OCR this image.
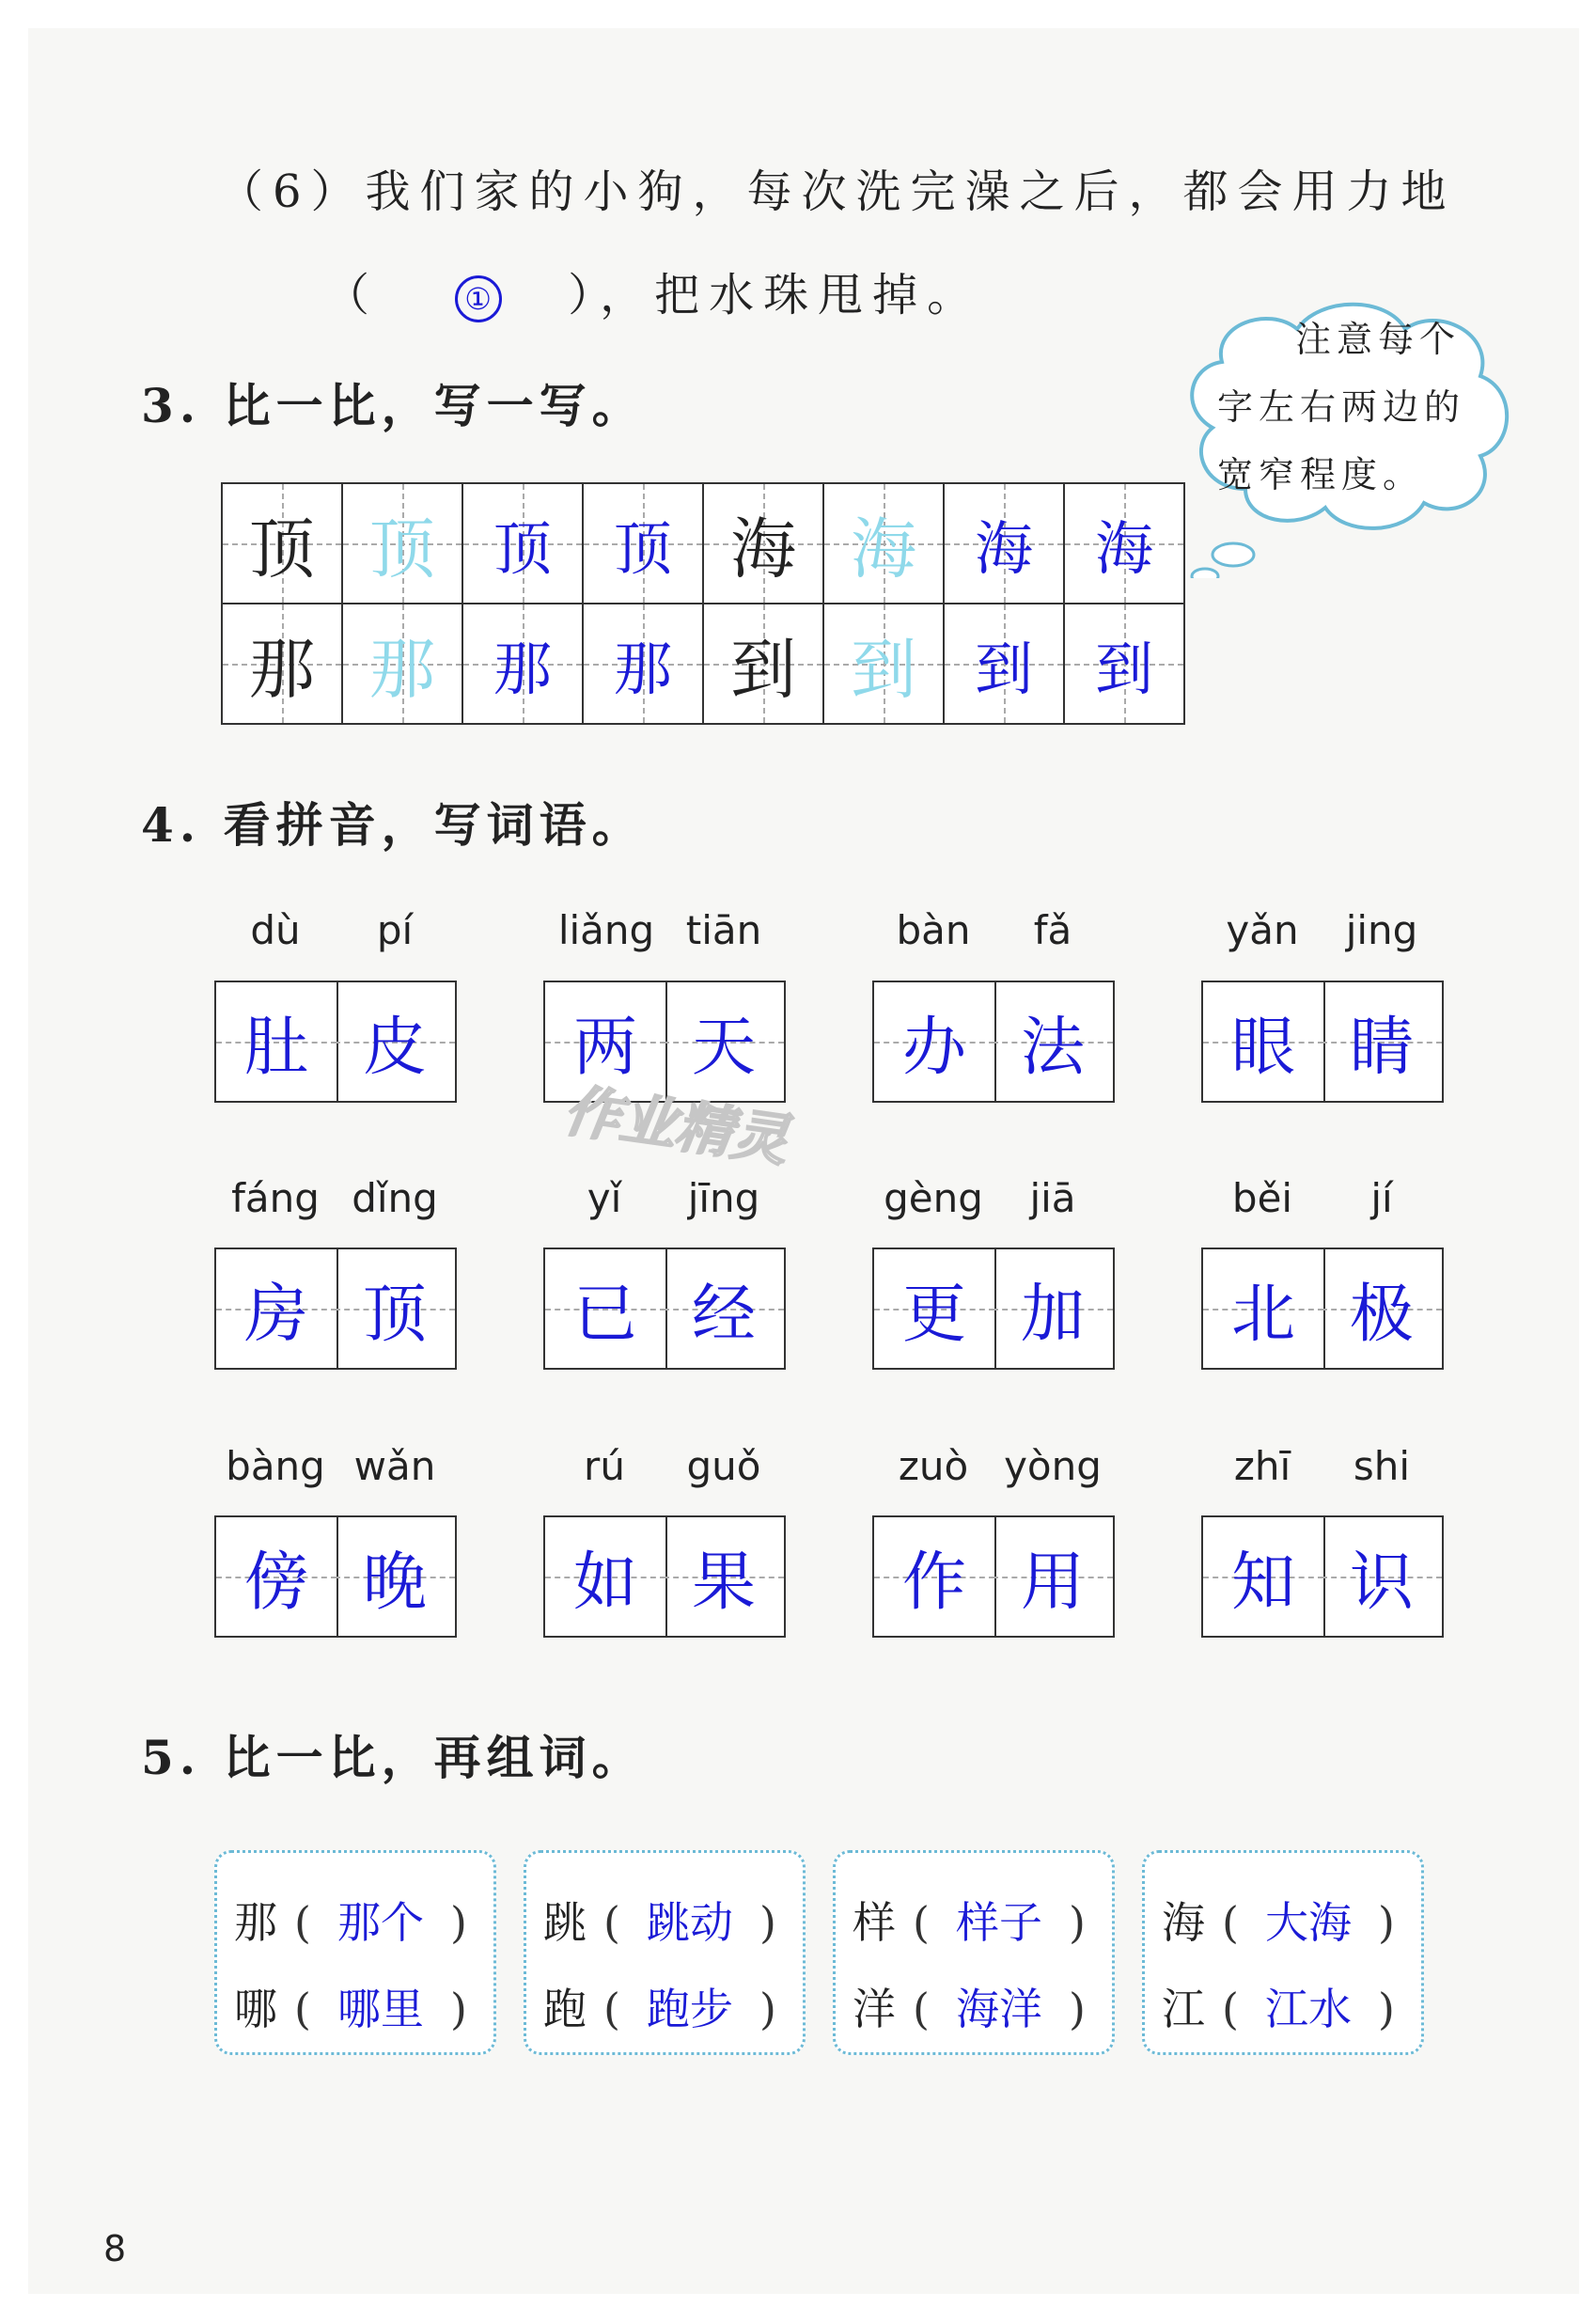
（6）我们家的小狗，每次洗完澡之后，都会用力地
（	① ），把水珠甩掉。
3. 比一比，写一写。
注意每个
字左右两边的
宽窄程度。
顶 顶 顶 顶 海 海 海 海
那 那 那 那 到 到 到 到
4. 看拼音，写词语。
dù	pí
肚 皮
liǎng tiān
两 天
bàn	fǎ
办 法
yǎn	jing
眼 睛
fáng dǐng
房 顶
yǐ	jīng
已 经
gèng	jiā
更 加
běi	jí
北 极
bàng wǎn
傍 晚
rú	guǒ
如 果
zuò yòng
作 用
zhī	shi
知 识
作业精灵
5. 比一比，再组词。
那 ( 那个 )
哪 ( 哪里 )
跳 ( 跳动 )
跑 ( 跑步 )
样 ( 样子 )
洋 ( 海洋 )
海 ( 大海 )
江 ( 江水 )
8
